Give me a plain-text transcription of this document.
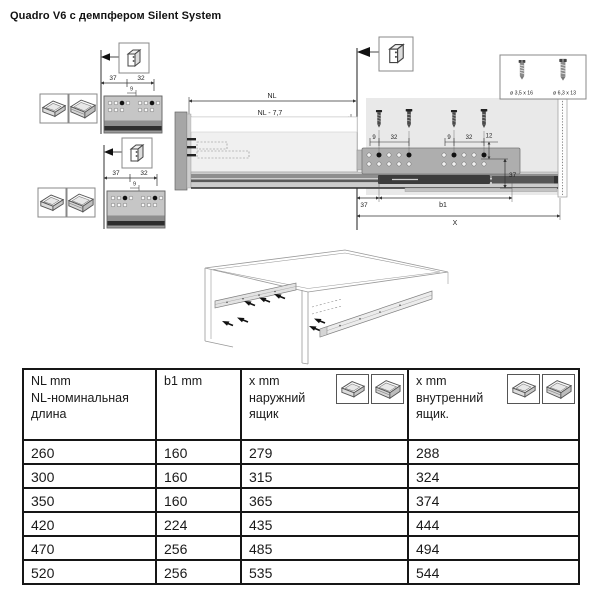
Quadro V6 с демпфером Silent System
37	32
9
37	32
9
NL
NL - 7,7
9 32	9 32 12
37
37	b1
X
ø 3,5 x 16	ø 6,3 x 13
NL mm
NL-номинальная
длина	b1 mm	x mm
наружний
ящик	x mm
внутренний
ящик.

260	160	279	288
300	160	315	324
350	160	365	374
420	224	435	444
470	256	485	494
520	256	535	544
